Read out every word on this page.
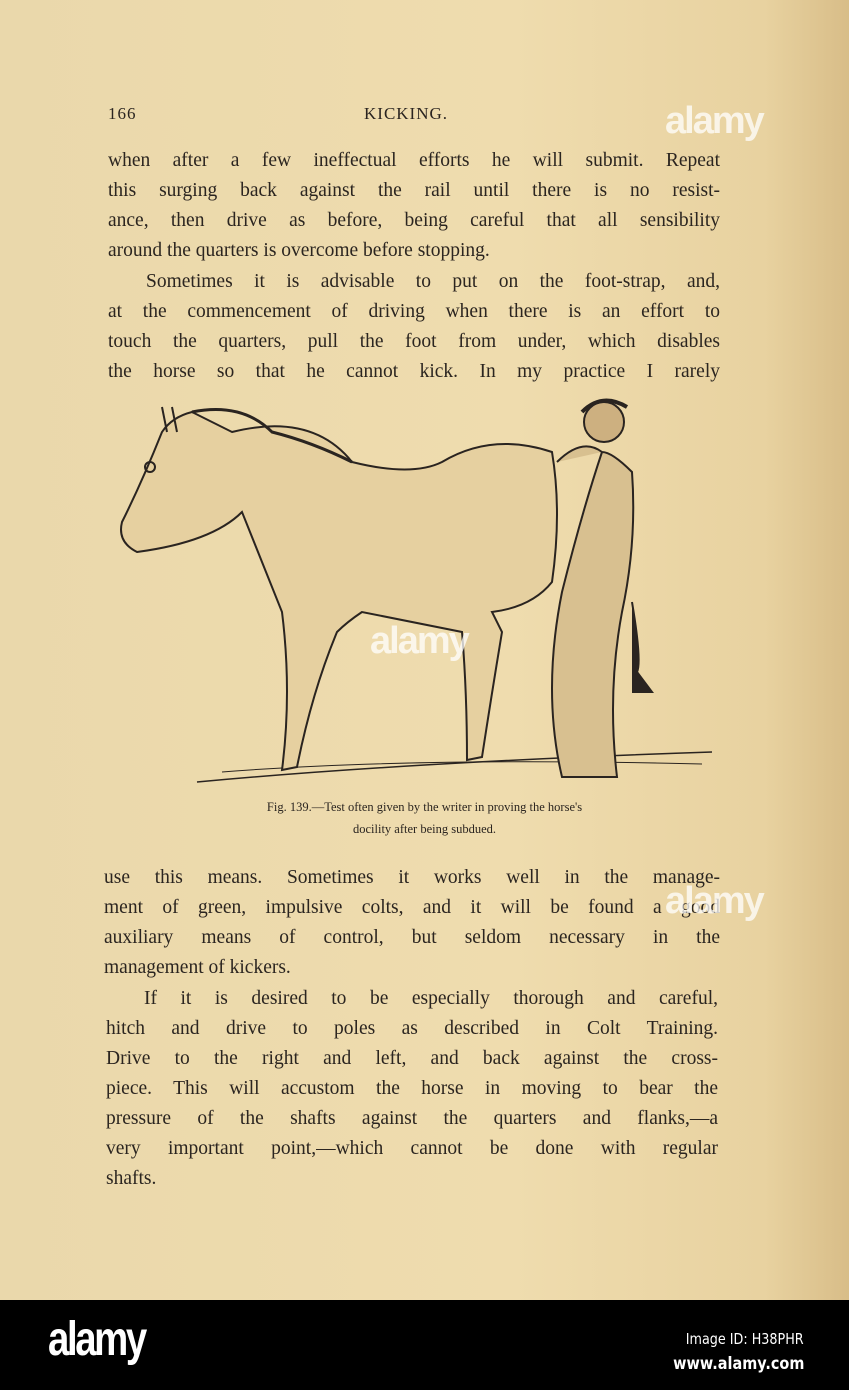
166	KICKING.
when after a few ineffectual efforts he will submit. Repeat
this surging back against the rail until there is no resist-
ance, then drive as before, being careful that all sensibility
around the quarters is overcome before stopping.
Sometimes it is advisable to put on the foot-strap, and,
at the commencement of driving when there is an effort to
touch the quarters, pull the foot from under, which disables
the horse so that he cannot kick. In my practice I rarely
Fig. 139.—Test often given by the writer in proving the horse's
docility after being subdued.
use this means. Sometimes it works well in the manage-
ment of green, impulsive colts, and it will be found a good
auxiliary means of control, but seldom necessary in the
management of kickers.
If it is desired to be especially thorough and careful,
hitch and drive to poles as described in Colt Training.
Drive to the right and left, and back against the cross-
piece. This will accustom the horse in moving to bear the
pressure of the shafts against the quarters and flanks,—a
very important point,—which cannot be done with regular
shafts.
alamy
alamy
alamy
alamy	Image ID: H38PHR
www.alamy.com
